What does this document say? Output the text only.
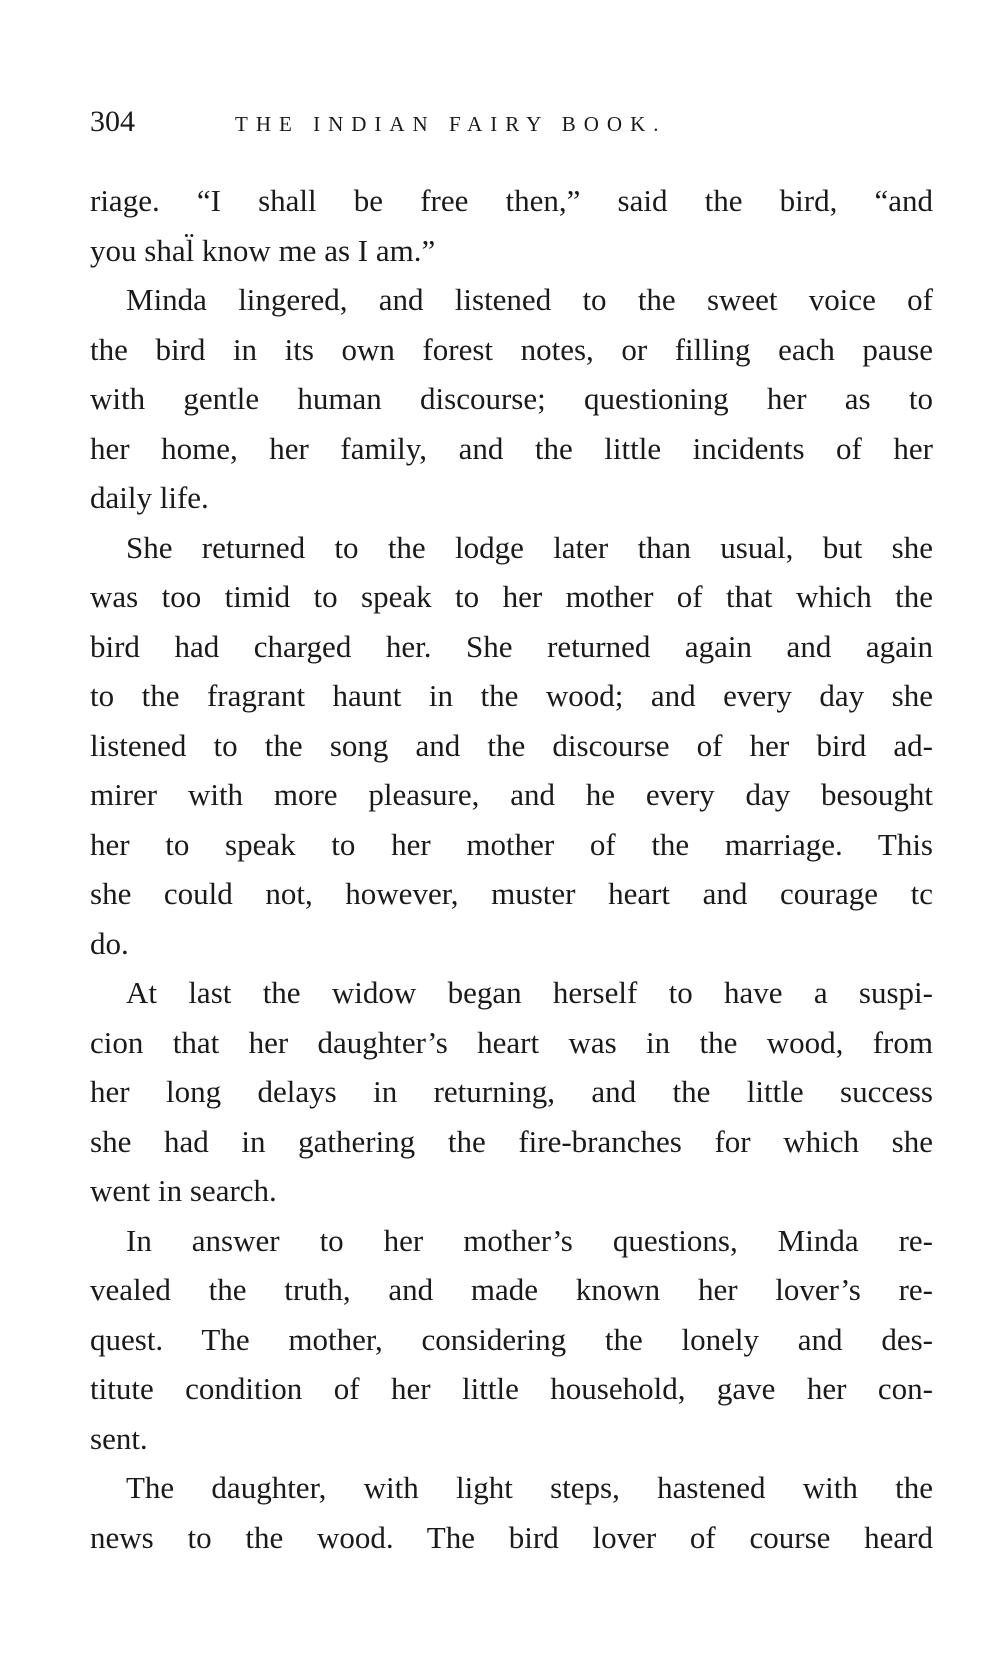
304	THE INDIAN FAIRY BOOK.
riage. “I shall be free then,” said the bird, “and
you shal̈ know me as I am.”
Minda lingered, and listened to the sweet voice of
the bird in its own forest notes, or filling each pause
with gentle human discourse; questioning her as to
her home, her family, and the little incidents of her
daily life.
She returned to the lodge later than usual, but she
was too timid to speak to her mother of that which the
bird had charged her. She returned again and again
to the fragrant haunt in the wood; and every day she
listened to the song and the discourse of her bird ad-
mirer with more pleasure, and he every day besought
her to speak to her mother of the marriage. This
she could not, however, muster heart and courage tc
do.
At last the widow began herself to have a suspi-
cion that her daughter’s heart was in the wood, from
her long delays in returning, and the little success
she had in gathering the fire-branches for which she
went in search.
In answer to her mother’s questions, Minda re-
vealed the truth, and made known her lover’s re-
quest. The mother, considering the lonely and des-
titute condition of her little household, gave her con-
sent.
The daughter, with light steps, hastened with the
news to the wood. The bird lover of course heard
